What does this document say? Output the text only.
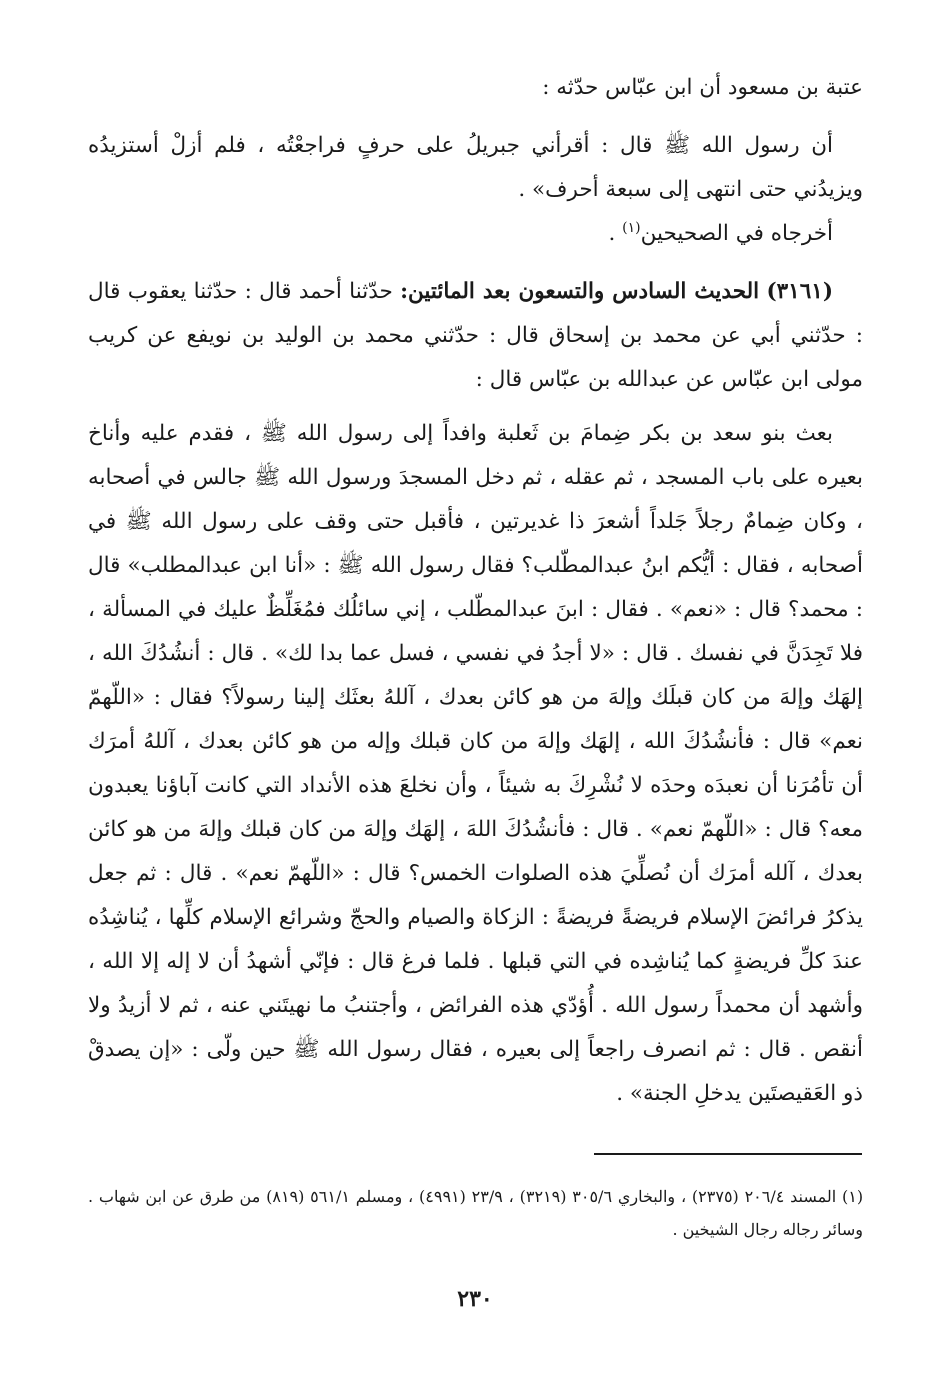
عتبة بن مسعود أن ابن عبّاس حدّثه :

أن رسول الله ﷺ قال : أقرأني جبريلُ على حرفٍ فراجعْتُه ، فلم أزلْ أستزيدُه ويزيدُني حتى انتهى إلى سبعة أحرف» .

أخرجاه في الصحيحين$^{(١)}$ .

(٣١٦١) الحديث السادس والتسعون بعد المائتين: حدّثنا أحمد قال : حدّثنا يعقوب قال : حدّثني أبي عن محمد بن إسحاق قال : حدّثني محمد بن الوليد بن نويفع عن كريب مولى ابن عبّاس عن عبدالله بن عبّاس قال :

بعث بنو سعد بن بكر ضِمامَ بن ثَعلبة وافداً إلى رسول الله ﷺ ، فقدم عليه وأناخ بعيره على باب المسجد ، ثم عقله ، ثم دخل المسجدَ ورسول الله ﷺ جالس في أصحابه ، وكان ضِمامٌ رجلاً جَلداً أشعرَ ذا غديرتين ، فأقبل حتى وقف على رسول الله ﷺ في أصحابه ، فقال : أيُّكم ابنُ عبدالمطّلب؟ فقال رسول الله ﷺ : «أنا ابن عبدالمطلب» قال : محمد؟ قال : «نعم» . فقال : ابنَ عبدالمطّلب ، إني سائلُك فمُغَلِّظٌ عليك في المسألة ، فلا تَجِدَنَّ في نفسك . قال : «لا أجدُ في نفسي ، فسل عما بدا لك» . قال : أنشُدُكَ الله ، إلهَك وإلهَ من كان قبلَك وإلهَ من هو كائن بعدك ، آللهُ بعثَك إلينا رسولاً؟ فقال : «اللّهمّ نعم» قال : فأنشُدُكَ الله ، إلهَك وإلهَ من كان قبلك وإله من هو كائن بعدك ، آللهُ أمرَك أن تأمُرَنا أن نعبدَه وحدَه لا نُشْرِكَ به شيئاً ، وأن نخلعَ هذه الأنداد التي كانت آباؤنا يعبدون معه؟ قال : «اللّهمّ نعم» . قال : فأنشُدُكَ اللهَ ، إلهَك وإلهَ من كان قبلك وإلهَ من هو كائن بعدك ، آلله أمرَك أن نُصلِّيَ هذه الصلوات الخمس؟ قال : «اللّهمّ نعم» . قال : ثم جعل يذكرُ فرائضَ الإسلام فريضةً فريضةً : الزكاة والصيام والحجّ وشرائع الإسلام كلِّها ، يُناشِدُه عندَ كلِّ فريضةٍ كما يُناشِده في التي قبلها . فلما فرغ قال : فإنّي أشهدُ أن لا إله إلا الله ، وأشهد أن محمداً رسول الله . أُؤدّي هذه الفرائض ، وأجتنبُ ما نهيتَني عنه ، ثم لا أزيدُ ولا أنقص . قال : ثم انصرف راجعاً إلى بعيره ، فقال رسول الله ﷺ حين ولّى : «إن يصدقْ ذو العَقيصتَين يدخلِ الجنة» .

(١) المسند ٢٠٦/٤ (٢٣٧٥) ، والبخاري ٣٠٥/٦ (٣٢١٩) ، ٢٣/٩ (٤٩٩١) ، ومسلم ٥٦١/١ (٨١٩) من طرق عن ابن شهاب . وسائر رجاله رجال الشيخين .

٢٣٠
